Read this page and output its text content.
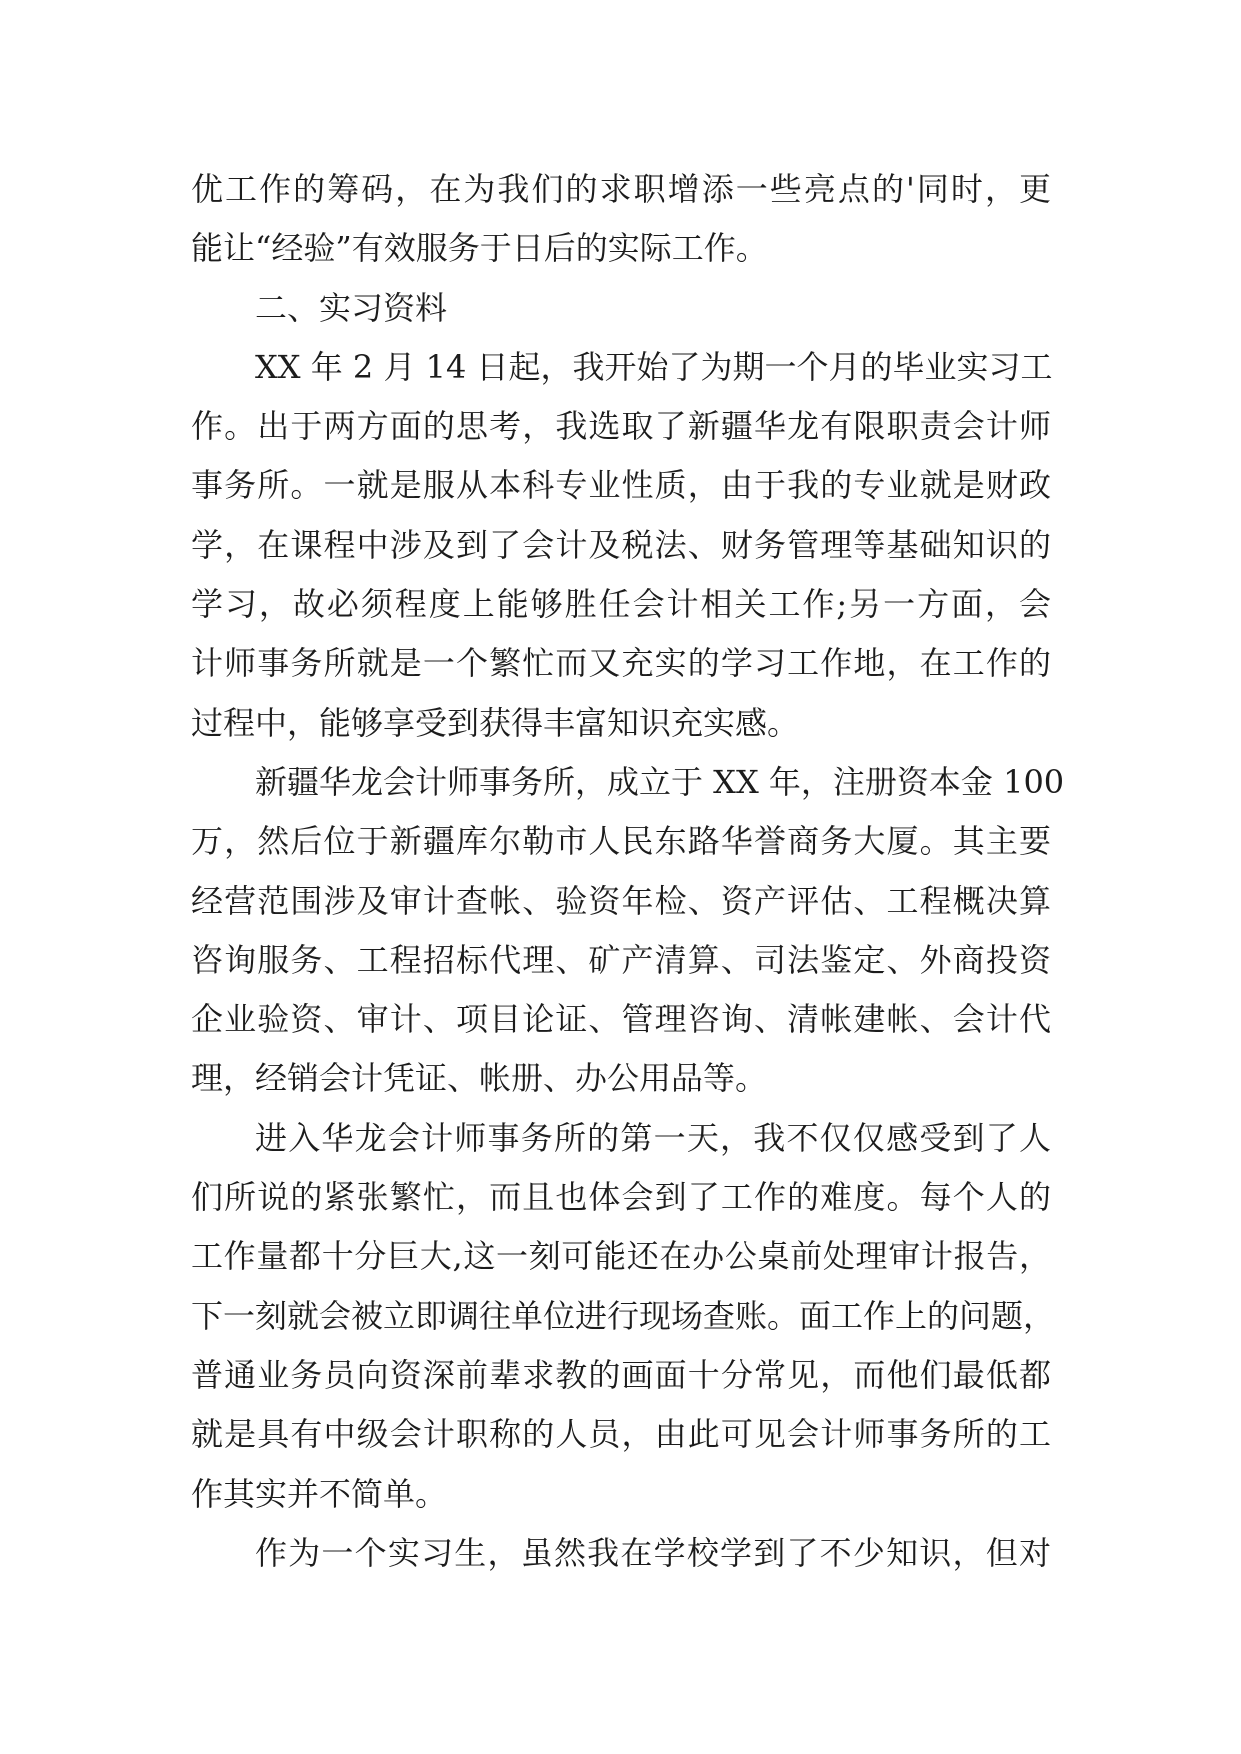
优工作的筹码，在为我们的求职增添一些亮点的'同时，更
能让“经验”有效服务于日后的实际工作。
二、实习资料
XX 年 2 月 14 日起，我开始了为期一个月的毕业实习工
作。出于两方面的思考，我选取了新疆华龙有限职责会计师
事务所。一就是服从本科专业性质，由于我的专业就是财政
学，在课程中涉及到了会计及税法、财务管理等基础知识的
学习，故必须程度上能够胜任会计相关工作;另一方面，会
计师事务所就是一个繁忙而又充实的学习工作地，在工作的
过程中，能够享受到获得丰富知识充实感。
新疆华龙会计师事务所，成立于 XX 年，注册资本金 100
万，然后位于新疆库尔勒市人民东路华誉商务大厦。其主要
经营范围涉及审计查帐、验资年检、资产评估、工程概决算
咨询服务、工程招标代理、矿产清算、司法鉴定、外商投资
企业验资、审计、项目论证、管理咨询、清帐建帐、会计代
理，经销会计凭证、帐册、办公用品等。
进入华龙会计师事务所的第一天，我不仅仅感受到了人
们所说的紧张繁忙，而且也体会到了工作的难度。每个人的
工作量都十分巨大,这一刻可能还在办公桌前处理审计报告，
下一刻就会被立即调往单位进行现场查账。面工作上的问题，
普通业务员向资深前辈求教的画面十分常见，而他们最低都
就是具有中级会计职称的人员，由此可见会计师事务所的工
作其实并不简单。
作为一个实习生，虽然我在学校学到了不少知识，但对
